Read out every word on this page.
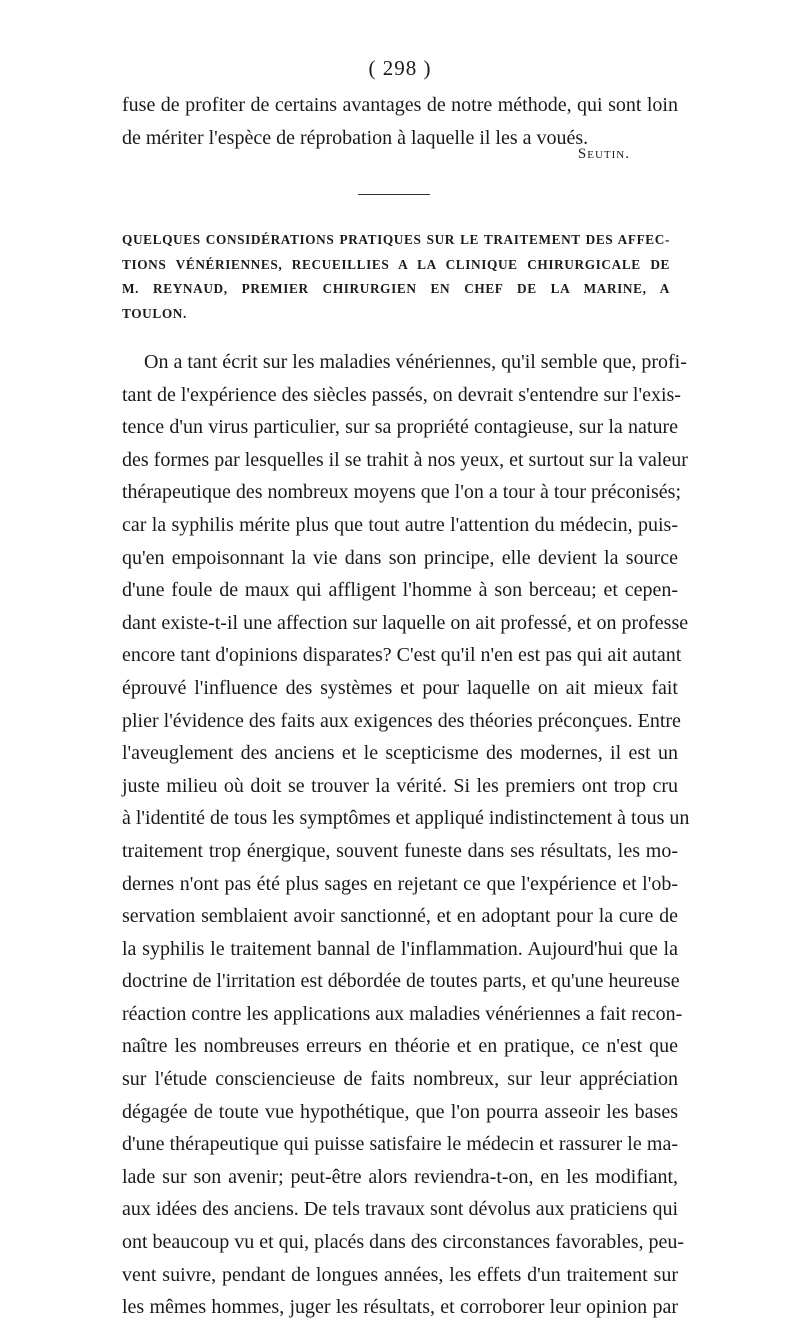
( 298 )
fuse de profiter de certains avantages de notre méthode, qui sont loin
de mériter l'espèce de réprobation à laquelle il les a voués.
Seutin.
QUELQUES CONSIDÉRATIONS PRATIQUES SUR LE TRAITEMENT DES AFFEC-
TIONS VÉNÉRIENNES, RECUEILLIES A LA CLINIQUE CHIRURGICALE DE
M. REYNAUD, PREMIER CHIRURGIEN EN CHEF DE LA MARINE, A
TOULON.
On a tant écrit sur les maladies vénériennes, qu'il semble que, profi-
tant de l'expérience des siècles passés, on devrait s'entendre sur l'exis-
tence d'un virus particulier, sur sa propriété contagieuse, sur la nature
des formes par lesquelles il se trahit à nos yeux, et surtout sur la valeur
thérapeutique des nombreux moyens que l'on a tour à tour préconisés;
car la syphilis mérite plus que tout autre l'attention du médecin, puis-
qu'en empoisonnant la vie dans son principe, elle devient la source
d'une foule de maux qui affligent l'homme à son berceau; et cepen-
dant existe-t-il une affection sur laquelle on ait professé, et on professe
encore tant d'opinions disparates? C'est qu'il n'en est pas qui ait autant
éprouvé l'influence des systèmes et pour laquelle on ait mieux fait
plier l'évidence des faits aux exigences des théories préconçues. Entre
l'aveuglement des anciens et le scepticisme des modernes, il est un
juste milieu où doit se trouver la vérité. Si les premiers ont trop cru
à l'identité de tous les symptômes et appliqué indistinctement à tous un
traitement trop énergique, souvent funeste dans ses résultats, les mo-
dernes n'ont pas été plus sages en rejetant ce que l'expérience et l'ob-
servation semblaient avoir sanctionné, et en adoptant pour la cure de
la syphilis le traitement bannal de l'inflammation. Aujourd'hui que la
doctrine de l'irritation est débordée de toutes parts, et qu'une heureuse
réaction contre les applications aux maladies vénériennes a fait recon-
naître les nombreuses erreurs en théorie et en pratique, ce n'est que
sur l'étude consciencieuse de faits nombreux, sur leur appréciation
dégagée de toute vue hypothétique, que l'on pourra asseoir les bases
d'une thérapeutique qui puisse satisfaire le médecin et rassurer le ma-
lade sur son avenir; peut-être alors reviendra-t-on, en les modifiant,
aux idées des anciens. De tels travaux sont dévolus aux praticiens qui
ont beaucoup vu et qui, placés dans des circonstances favorables, peu-
vent suivre, pendant de longues années, les effets d'un traitement sur
les mêmes hommes, juger les résultats, et corroborer leur opinion par
